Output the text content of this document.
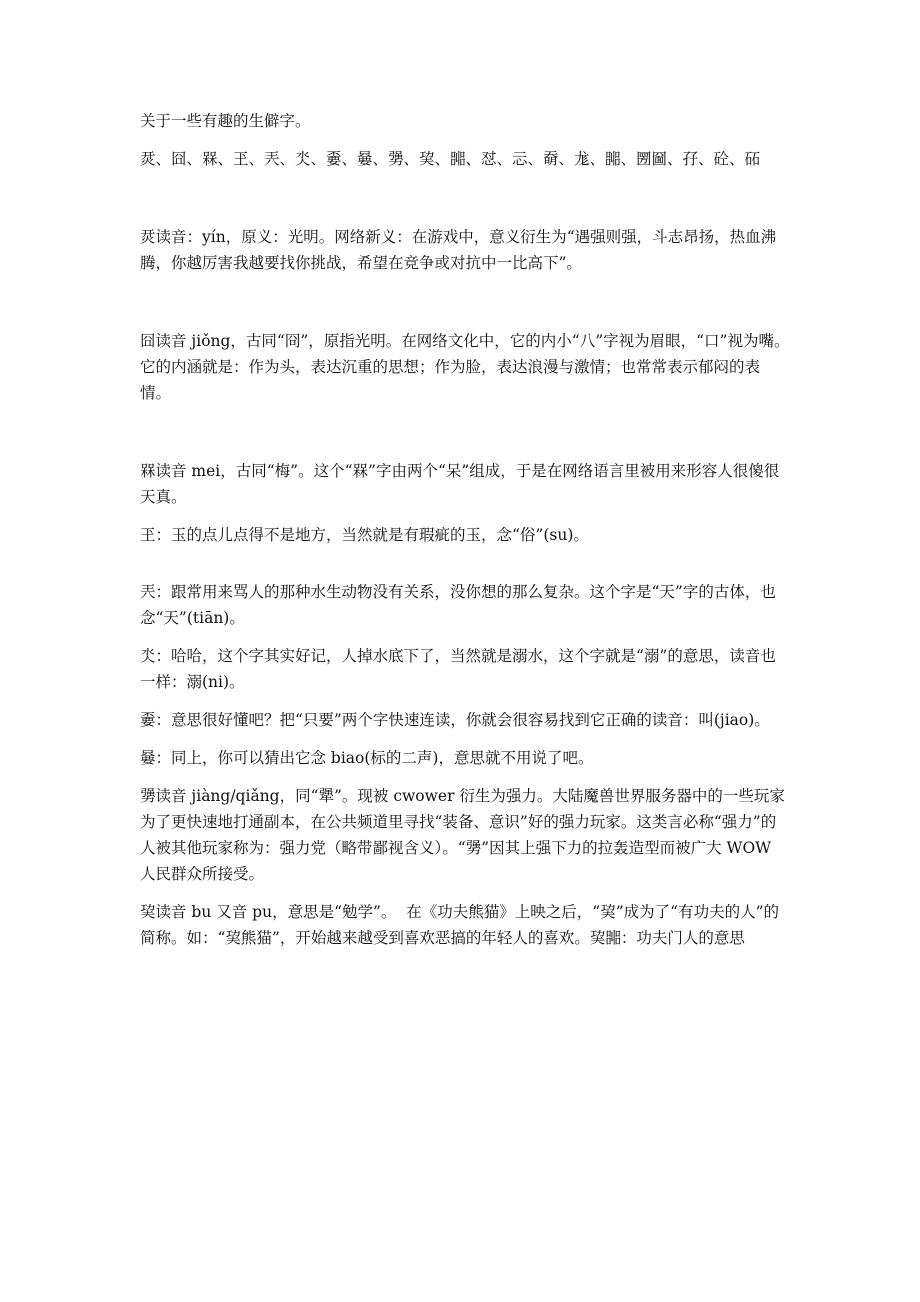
关于一些有趣的生僻字。

烎、囧、槑、玊、兲、氼、嫑、嘦、勥、巭、嘂、怼、忈、奣、尨、嘂、圐圙、孖、砼、砳

烎读音：yín，原义：光明。网络新义：在游戏中，意义衍生为“遇强则强，斗志昂扬，热血沸腾，你越厉害我越要找你挑战，希望在竞争或对抗中一比高下”。

囧读音 jiǒng，古同“冏”，原指光明。在网络文化中，它的内小“八”字视为眉眼，“口”视为嘴。它的内涵就是：作为头，表达沉重的思想；作为脸，表达浪漫与激情；也常常表示郁闷的表情。

槑读音 mei，古同“梅”。这个“槑”字由两个“呆”组成，于是在网络语言里被用来形容人很傻很天真。

玊：玉的点儿点得不是地方，当然就是有瑕疵的玉，念“俗”(su)。

兲：跟常用来骂人的那种水生动物没有关系，没你想的那么复杂。这个字是“天”字的古体，也念“天”(tiān)。

氼：哈哈，这个字其实好记，人掉水底下了，当然就是溺水，这个字就是“溺”的意思，读音也一样：溺(ni)。

嫑：意思很好懂吧？把“只要”两个字快速连读，你就会很容易找到它正确的读音：叫(jiao)。

嘦：同上，你可以猜出它念 biao(标的二声)，意思就不用说了吧。

勥读音 jiàng/qiǎng，同“犟”。现被 cwower 衍生为强力。大陆魔兽世界服务器中的一些玩家为了更快速地打通副本，在公共频道里寻找“装备、意识”好的强力玩家。这类言必称“强力”的人被其他玩家称为：强力党（略带鄙视含义）。“勥”因其上强下力的拉轰造型而被广大 WOW 人民群众所接受。

巭读音 bu 又音 pu，意思是“勉学”。  在《功夫熊猫》上映之后，“巭”成为了“有功夫的人”的简称。如：“巭熊猫”，开始越来越受到喜欢恶搞的年轻人的喜欢。巭嘂：功夫门人的意思
